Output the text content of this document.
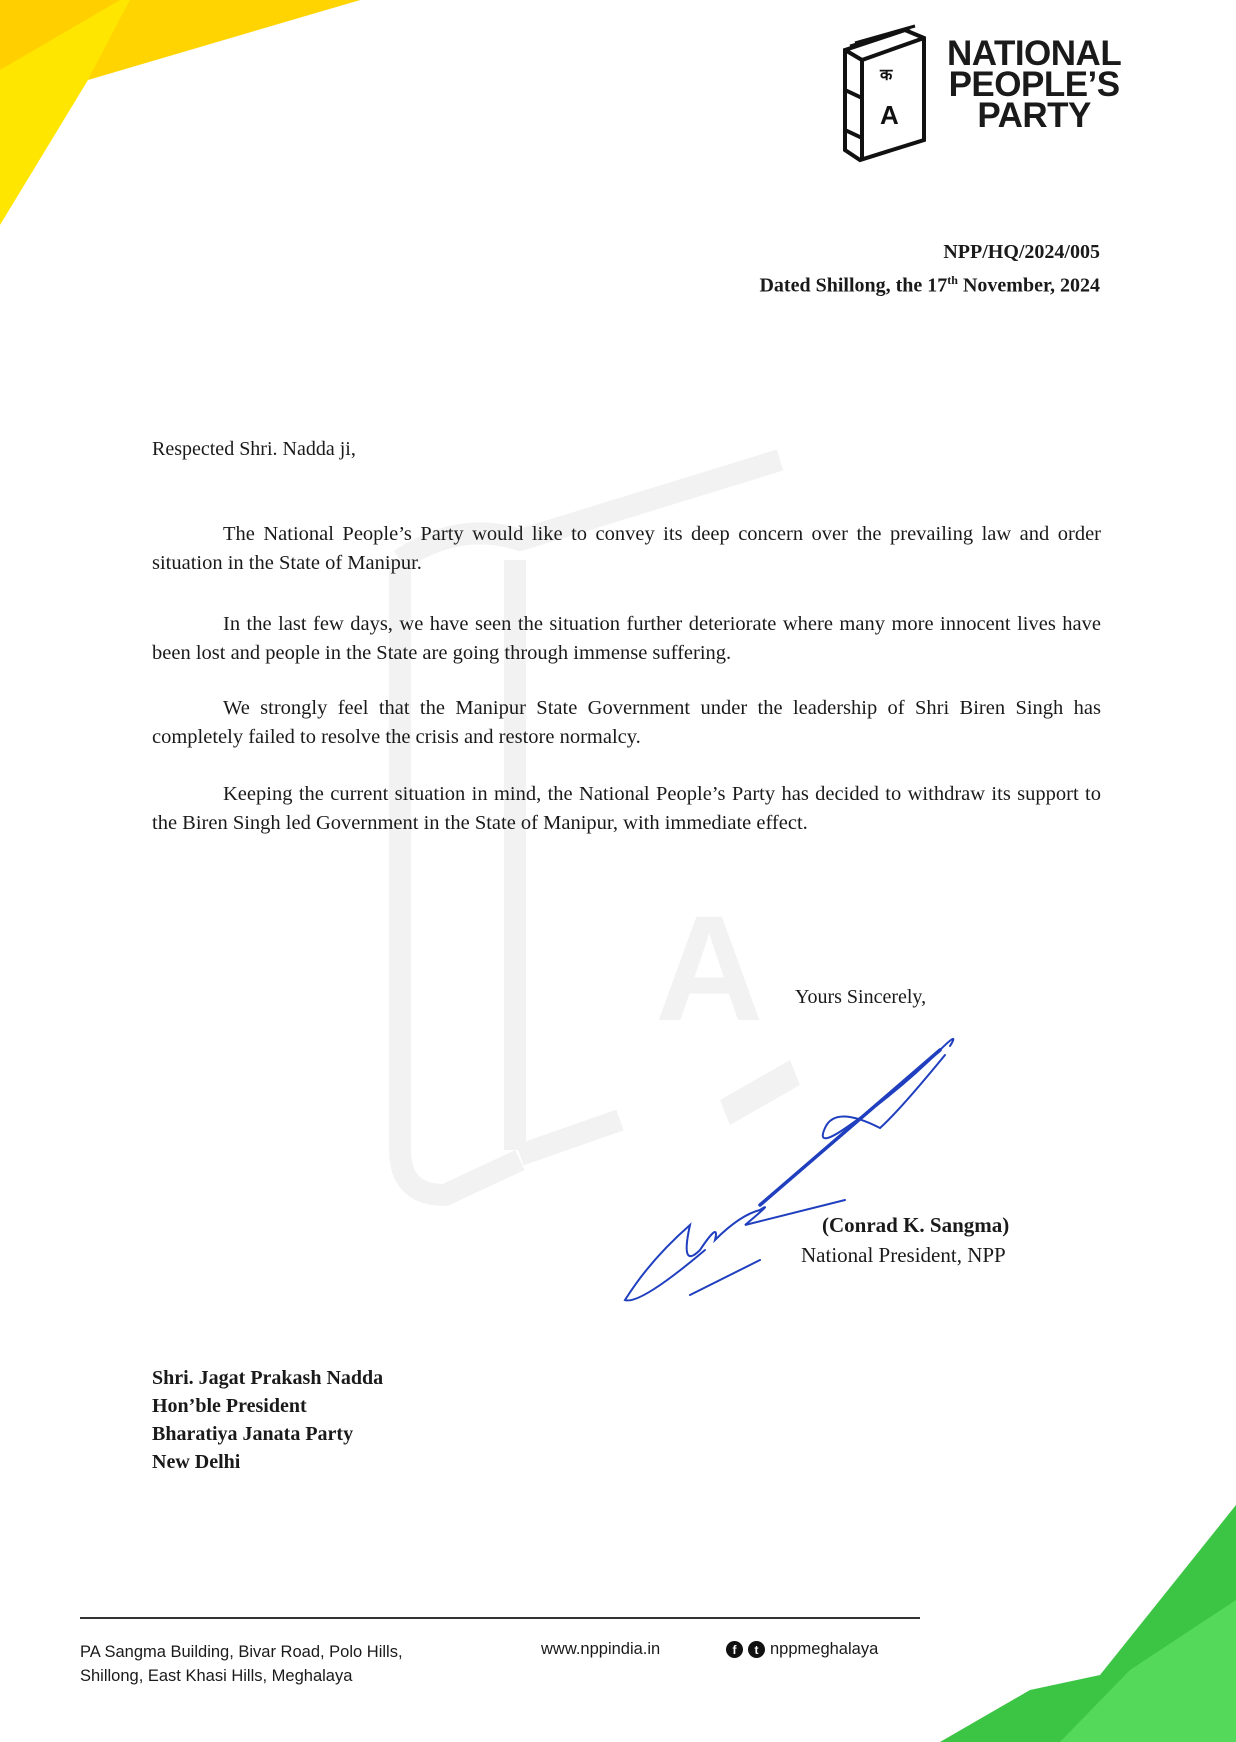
A
क
A
NATIONAL
PEOPLE’S
PARTY
NPP/HQ/2024/005
Dated Shillong, the 17th November, 2024
Respected Shri. Nadda ji,
The National People’s Party would like to convey its deep concern over the prevailing law and order situation in the State of Manipur.
In the last few days, we have seen the situation further deteriorate where many more innocent lives have been lost and people in the State are going through immense suffering.
We strongly feel that the Manipur State Government under the leadership of Shri Biren Singh has completely failed to resolve the crisis and restore normalcy.
Keeping the current situation in mind, the National People’s Party has decided to withdraw its support to the Biren Singh led Government in the State of Manipur, with immediate effect.
Yours Sincerely,
(Conrad K. Sangma)
National President, NPP
Shri. Jagat Prakash Nadda
Hon’ble President
Bharatiya Janata Party
New Delhi
PA Sangma Building, Bivar Road, Polo Hills,
Shillong, East Khasi Hills, Meghalaya
www.nppindia.in	f	t nppmeghalaya
